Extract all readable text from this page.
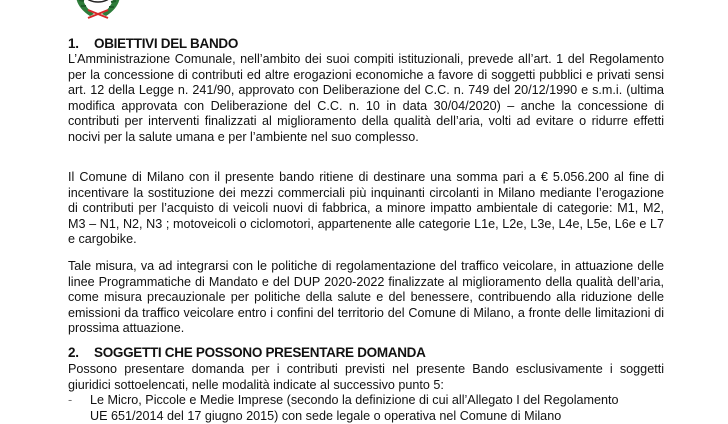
1. OBIETTIVI DEL BANDO

L’Amministrazione Comunale, nell’ambito dei suoi compiti istituzionali, prevede all’art. 1 del Regolamento per la concessione di contributi ed altre erogazioni economiche a favore di soggetti pubblici e privati sensi art. 12 della Legge n. 241/90, approvato con Deliberazione del C.C. n. 749 del 20/12/1990 e s.m.i. (ultima modifica approvata con Deliberazione del C.C. n. 10 in data 30/04/2020) – anche la concessione di contributi per interventi finalizzati al miglioramento della qualità dell’aria, volti ad evitare o ridurre effetti nocivi per la salute umana e per l’ambiente nel suo complesso.

Il Comune di Milano con il presente bando ritiene di destinare una somma pari a € 5.056.200 al fine di incentivare la sostituzione dei mezzi commerciali più inquinanti circolanti in Milano mediante l’erogazione di contributi per l’acquisto di veicoli nuovi di fabbrica, a minore impatto ambientale di categorie: M1, M2, M3 – N1, N2, N3 ; motoveicoli o ciclomotori, appartenente alle categorie L1e, L2e, L3e, L4e, L5e, L6e e L7 e cargobike.

Tale misura, va ad integrarsi con le politiche di regolamentazione del traffico veicolare, in attuazione delle linee Programmatiche di Mandato e del DUP 2020-2022 finalizzate al miglioramento della qualità dell’aria, come misura precauzionale per politiche della salute e del benessere, contribuendo alla riduzione delle emissioni da traffico veicolare entro i confini del territorio del Comune di Milano, a fronte delle limitazioni di prossima attuazione.

2. SOGGETTI CHE POSSONO PRESENTARE DOMANDA

Possono presentare domanda per i contributi previsti nel presente Bando esclusivamente i soggetti giuridici sottoelencati, nelle modalità indicate al successivo punto 5:

- Le Micro, Piccole e Medie Imprese (secondo la definizione di cui all’Allegato I del Regolamento
UE 651/2014 del 17 giugno 2015) con sede legale o operativa nel Comune di Milano
